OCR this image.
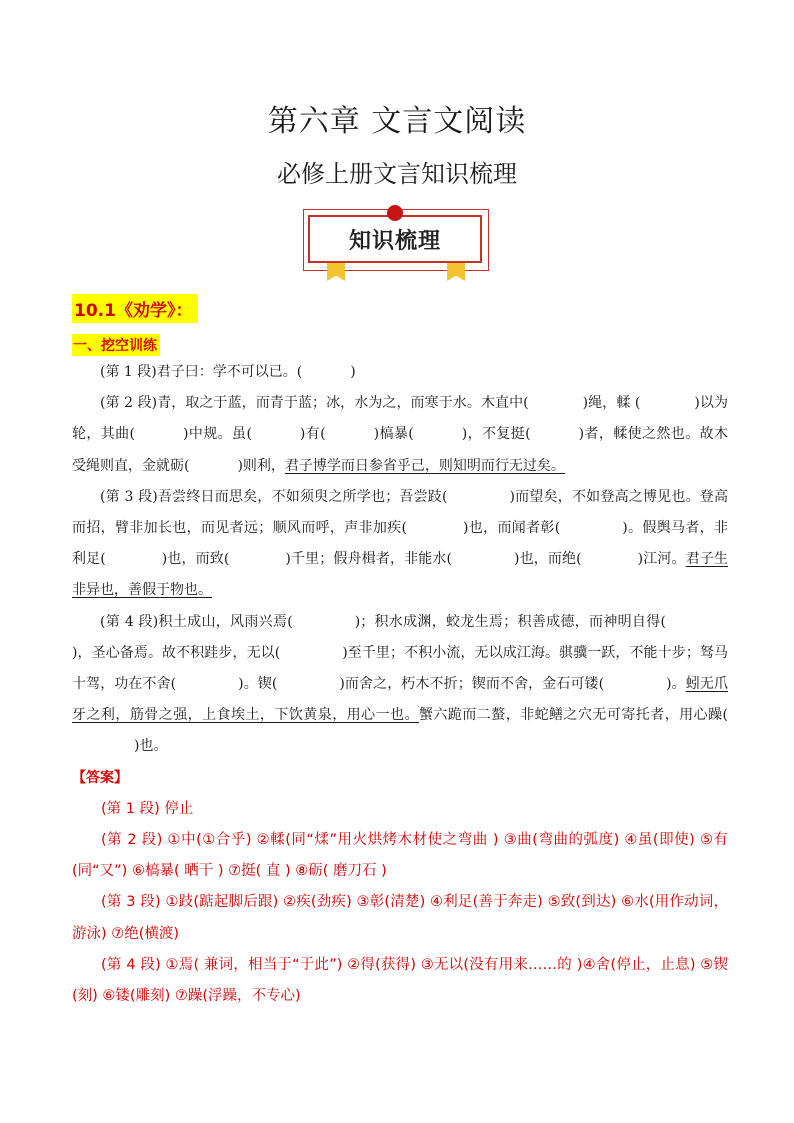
第六章 文言文阅读
必修上册文言知识梳理
知识梳理
10.1《劝学》：
一、挖空训练

(第 1 段)君子曰：学不可以已。(	)

(第 2 段)青，取之于蓝，而青于蓝；冰，水为之，而寒于水。木直中(	)绳，輮 (	)以为轮，其曲(	)中规。虽(	)有(	)槁暴(	)，不复挺(	)者，輮使之然也。故木受绳则直，金就砺(	)则利，君子博学而日参省乎己，则知明而行无过矣。

(第 3 段)吾尝终日而思矣，不如须臾之所学也；吾尝跂(	)而望矣，不如登高之博见也。登高而招，臂非加长也，而见者远；顺风而呼，声非加疾(	)也，而闻者彰(	)。假舆马者，非利足(	)也，而致(	)千里；假舟楫者，非能水(	)也，而绝(	)江河。君子生非异也，善假于物也。

(第 4 段)积土成山，风雨兴焉(	)；积水成渊，蛟龙生焉；积善成德，而神明自得()，圣心备焉。故不积跬步，无以(	)至千里；不积小流，无以成江海。骐骥一跃，不能十步；驽马十驾，功在不舍(	)。锲(	)而舍之，朽木不折；锲而不舍，金石可镂(	)。蚓无爪牙之利，筋骨之强，上食埃土，下饮黄泉，用心一也。蟹六跪而二螯，非蛇鳝之穴无可寄托者，用心躁()也。

【答案】

(第 1 段) 停止

(第 2 段) ①中(①合乎) ②輮(同“煣”用火烘烤木材使之弯曲 ) ③曲(弯曲的弧度) ④虽(即使) ⑤有(同“又”) ⑥槁暴( 晒干 ) ⑦挺( 直 ) ⑧砺( 磨刀石 )

(第 3 段) ①跂(踮起脚后跟) ②疾(劲疾) ③彰(清楚) ④利足(善于奔走) ⑤致(到达) ⑥水(用作动词，游泳) ⑦绝(横渡)

(第 4 段) ①焉( 兼词，相当于“于此”) ②得(获得) ③无以(没有用来……的 )④舍(停止，止息) ⑤锲(刻) ⑥镂(雕刻) ⑦躁(浮躁，不专心)
